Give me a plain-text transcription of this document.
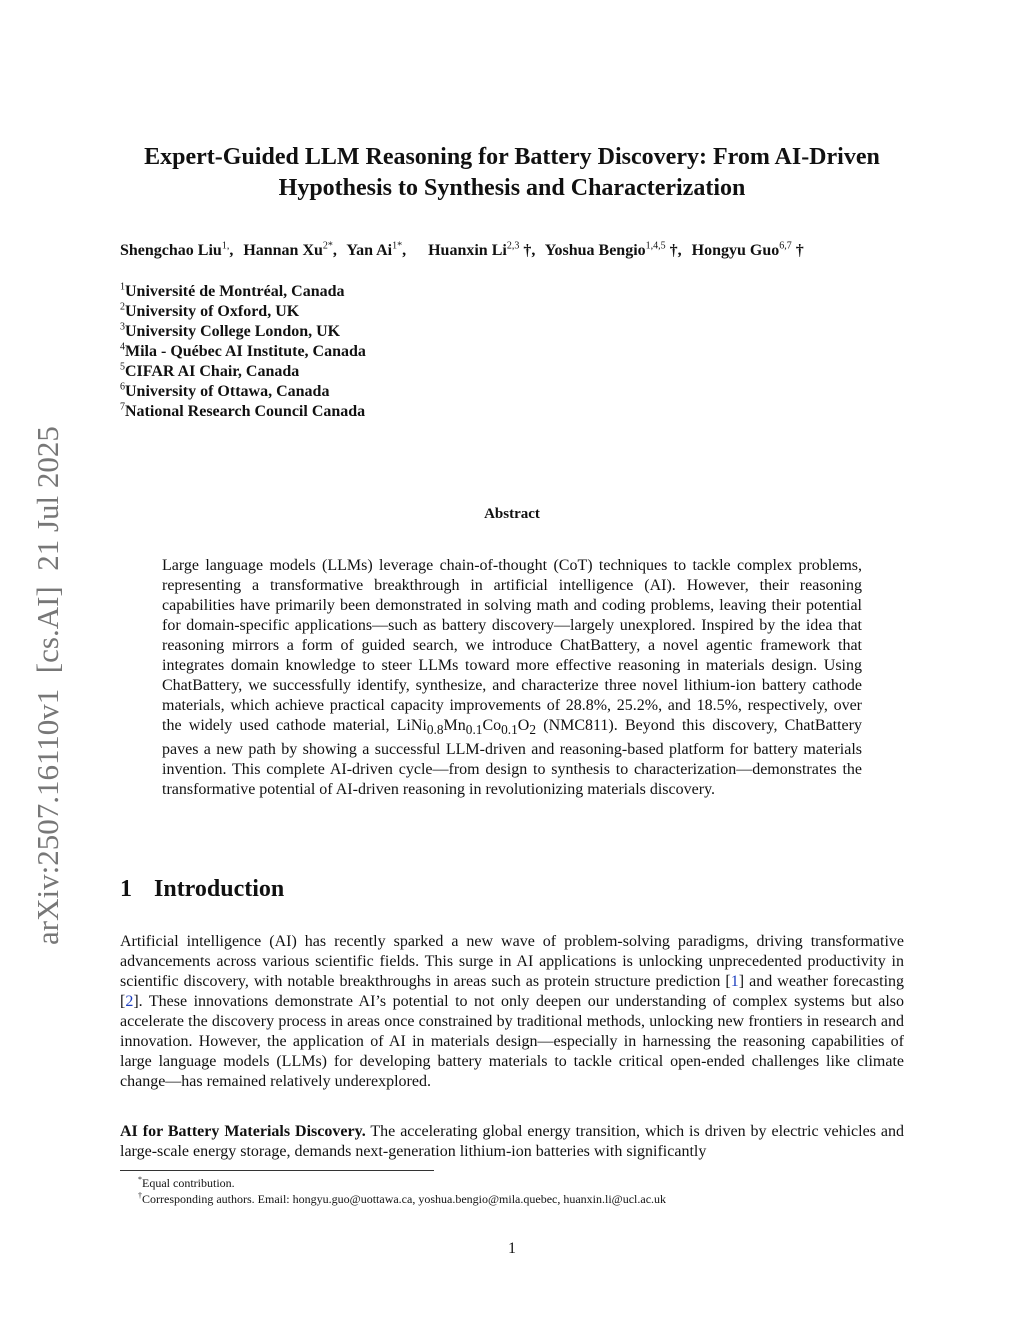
arXiv:2507.16110v1  [cs.AI]  21 Jul 2025
Expert-Guided LLM Reasoning for Battery Discovery: From AI-Driven
Hypothesis to Synthesis and Characterization
Shengchao Liu$^{1,}$, Hannan $Xu^{2*}$, Yan $Ai^{1*}$, Huanxin Li$^{2,3}$ †, Yoshua Bengio$^{1,4,5}$ †, Hongyu Guo$^{6,7}$ †
$^1$Université de Montréal, Canada
$^2$University of Oxford, UK
$^3$University College London, UK
$^4$Mila - Québec AI Institute, Canada
$^5$CIFAR AI Chair, Canada
$^6$University of Ottawa, Canada
$^7$National Research Council Canada
Abstract

Large language models (LLMs) leverage chain-of-thought (CoT) techniques to tackle complex problems, representing a transformative breakthrough in artificial intelligence (AI). However, their reasoning capabilities have primarily been demonstrated in solving math and coding problems, leaving their potential for domain-specific applications—such as battery discovery—largely unexplored. Inspired by the idea that reasoning mirrors a form of guided search, we introduce ChatBattery, a novel agentic framework that integrates domain knowledge to steer LLMs toward more effective reasoning in materials design. Using ChatBattery, we successfully identify, synthesize, and characterize three novel lithium-ion battery cathode materials, which achieve practical capacity improvements of 28.8%, 25.2%, and 18.5%, respectively, over the widely used cathode material, $LiNi_{0.8}Mn_{0.1}Co_{0.1}O_2$ (NMC811). Beyond this discovery, ChatBattery paves a new path by showing a successful LLM-driven and reasoning-based platform for battery materials invention. This complete AI-driven cycle—from design to synthesis to characterization—demonstrates the transformative potential of AI-driven reasoning in revolutionizing materials discovery.

1 Introduction

Artificial intelligence (AI) has recently sparked a new wave of problem-solving paradigms, driving transformative advancements across various scientific fields. This surge in AI applications is unlocking unprecedented productivity in scientific discovery, with notable breakthroughs in areas such as protein structure prediction [1] and weather forecasting [2]. These innovations demonstrate AI’s potential to not only deepen our understanding of complex systems but also accelerate the discovery process in areas once constrained by traditional methods, unlocking new frontiers in research and innovation. However, the application of AI in materials design—especially in harnessing the reasoning capabilities of large language models (LLMs) for developing battery materials to tackle critical open-ended challenges like climate change—has remained relatively underexplored.

AI for Battery Materials Discovery. The accelerating global energy transition, which is driven by electric vehicles and large-scale energy storage, demands next-generation lithium-ion batteries with significantly

*Equal contribution.
†Corresponding authors. Email: hongyu.guo@uottawa.ca, yoshua.bengio@mila.quebec, huanxin.li@ucl.ac.uk
1
